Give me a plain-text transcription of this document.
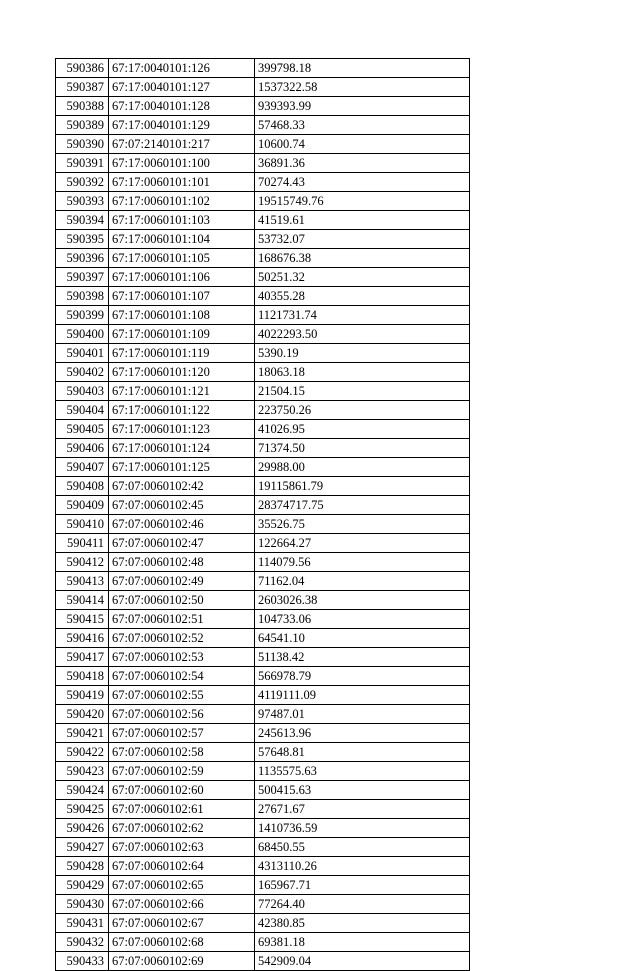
590386	67:17:0040101:126	399798.18
590387	67:17:0040101:127	1537322.58
590388	67:17:0040101:128	939393.99
590389	67:17:0040101:129	57468.33
590390	67:07:2140101:217	10600.74
590391	67:17:0060101:100	36891.36
590392	67:17:0060101:101	70274.43
590393	67:17:0060101:102	19515749.76
590394	67:17:0060101:103	41519.61
590395	67:17:0060101:104	53732.07
590396	67:17:0060101:105	168676.38
590397	67:17:0060101:106	50251.32
590398	67:17:0060101:107	40355.28
590399	67:17:0060101:108	1121731.74
590400	67:17:0060101:109	4022293.50
590401	67:17:0060101:119	5390.19
590402	67:17:0060101:120	18063.18
590403	67:17:0060101:121	21504.15
590404	67:17:0060101:122	223750.26
590405	67:17:0060101:123	41026.95
590406	67:17:0060101:124	71374.50
590407	67:17:0060101:125	29988.00
590408	67:07:0060102:42	19115861.79
590409	67:07:0060102:45	28374717.75
590410	67:07:0060102:46	35526.75
590411	67:07:0060102:47	122664.27
590412	67:07:0060102:48	114079.56
590413	67:07:0060102:49	71162.04
590414	67:07:0060102:50	2603026.38
590415	67:07:0060102:51	104733.06
590416	67:07:0060102:52	64541.10
590417	67:07:0060102:53	51138.42
590418	67:07:0060102:54	566978.79
590419	67:07:0060102:55	4119111.09
590420	67:07:0060102:56	97487.01
590421	67:07:0060102:57	245613.96
590422	67:07:0060102:58	57648.81
590423	67:07:0060102:59	1135575.63
590424	67:07:0060102:60	500415.63
590425	67:07:0060102:61	27671.67
590426	67:07:0060102:62	1410736.59
590427	67:07:0060102:63	68450.55
590428	67:07:0060102:64	4313110.26
590429	67:07:0060102:65	165967.71
590430	67:07:0060102:66	77264.40
590431	67:07:0060102:67	42380.85
590432	67:07:0060102:68	69381.18
590433	67:07:0060102:69	542909.04
